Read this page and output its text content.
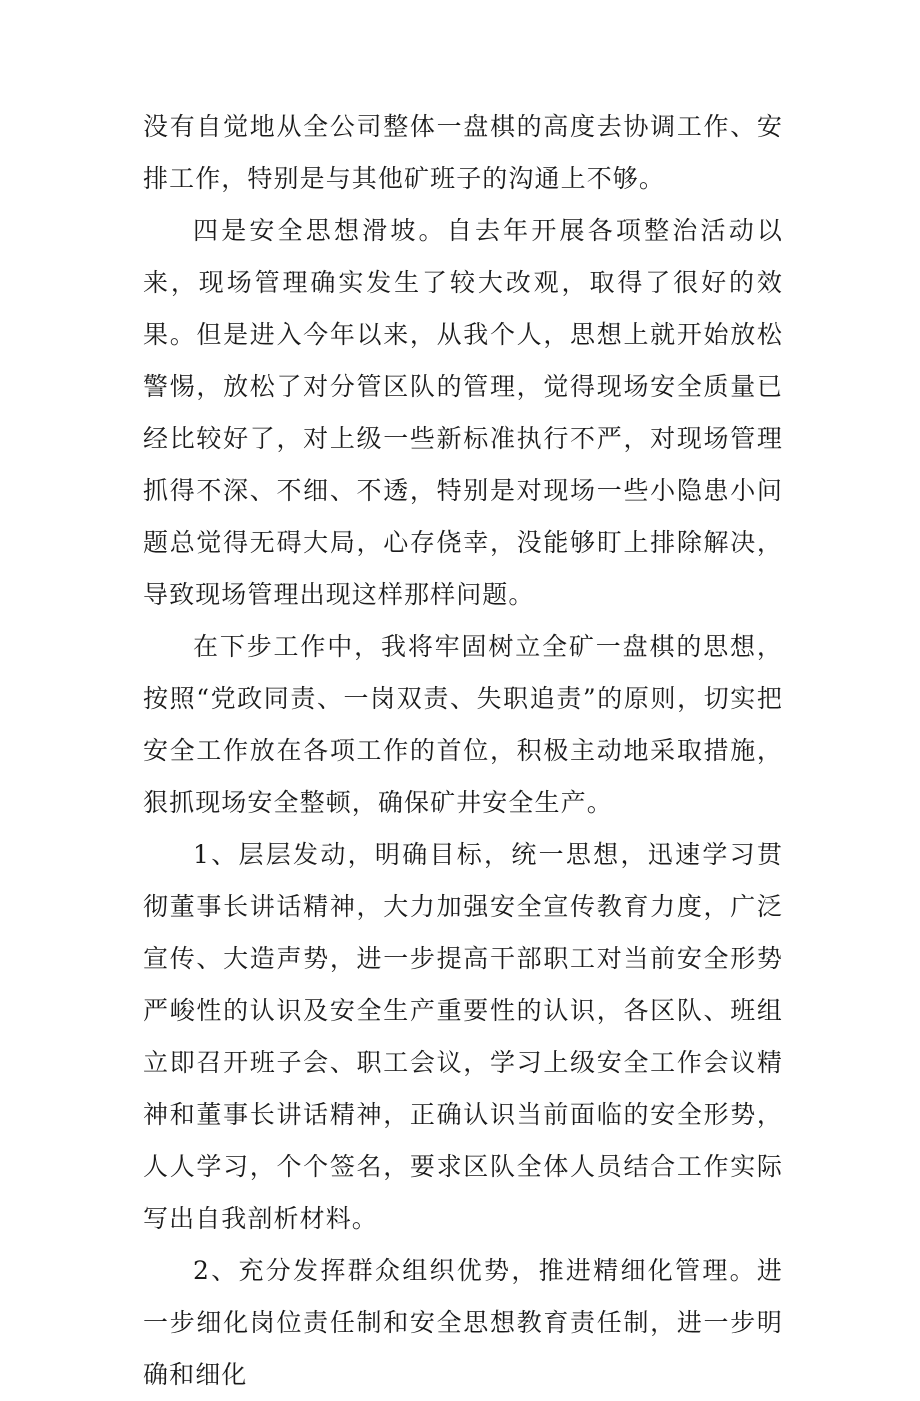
没有自觉地从全公司整体一盘棋的高度去协调工作、安排工作，特别是与其他矿班子的沟通上不够。

四是安全思想滑坡。自去年开展各项整治活动以来，现场管理确实发生了较大改观，取得了很好的效果。但是进入今年以来，从我个人，思想上就开始放松警惕，放松了对分管区队的管理，觉得现场安全质量已经比较好了，对上级一些新标准执行不严，对现场管理抓得不深、不细、不透，特别是对现场一些小隐患小问题总觉得无碍大局，心存侥幸，没能够盯上排除解决，导致现场管理出现这样那样问题。

在下步工作中，我将牢固树立全矿一盘棋的思想，按照“党政同责、一岗双责、失职追责”的原则，切实把安全工作放在各项工作的首位，积极主动地采取措施，狠抓现场安全整顿，确保矿井安全生产。

1、层层发动，明确目标，统一思想，迅速学习贯彻董事长讲话精神，大力加强安全宣传教育力度，广泛宣传、大造声势，进一步提高干部职工对当前安全形势严峻性的认识及安全生产重要性的认识，各区队、班组立即召开班子会、职工会议，学习上级安全工作会议精神和董事长讲话精神，正确认识当前面临的安全形势，人人学习，个个签名，要求区队全体人员结合工作实际写出自我剖析材料。

2、充分发挥群众组织优势，推进精细化管理。进一步细化岗位责任制和安全思想教育责任制，进一步明确和细化
